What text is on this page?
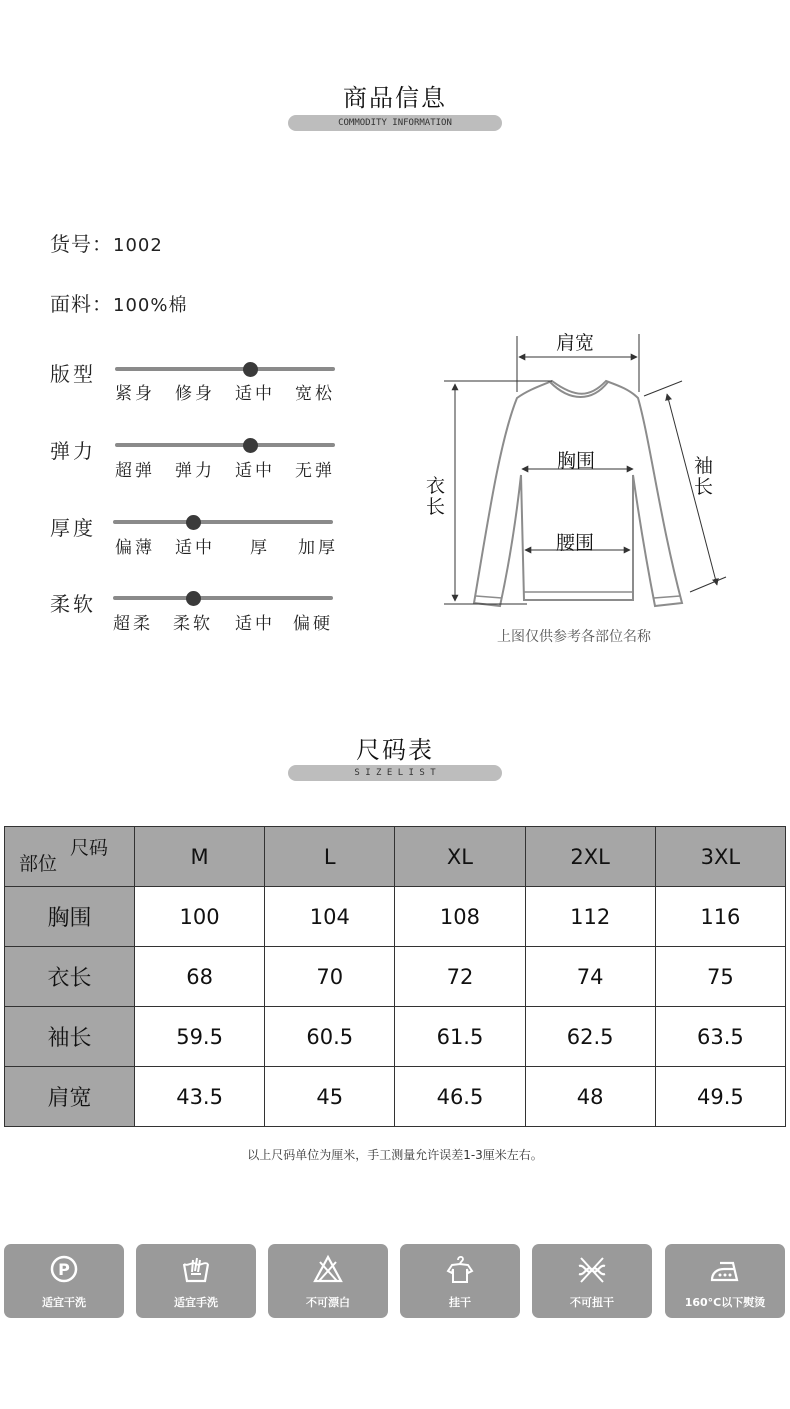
商品信息
COMMODITY INFORMATION
货号：1002
面料：100%棉
版型
紧身	修身	适中	宽松
弹力
超弹	弹力	适中	无弹
厚度
偏薄	适中	厚	加厚
柔软
超柔	柔软	适中	偏硬
肩宽
胸围
腰围
衣长
袖长
上图仅供参考各部位名称
尺码表
S I Z E L I S T
尺码
部位	M	L	XL	2XL	3XL
胸围	100	104	108	112	116
衣长	68	70	72	74	75
袖长	59.5	60.5	61.5	62.5	63.5
肩宽	43.5	45	46.5	48	49.5
以上尺码单位为厘米，手工测量允许误差1-3厘米左右。
P
适宜干洗	适宜手洗	不可漂白	挂干	不可扭干	160°C以下熨烫
